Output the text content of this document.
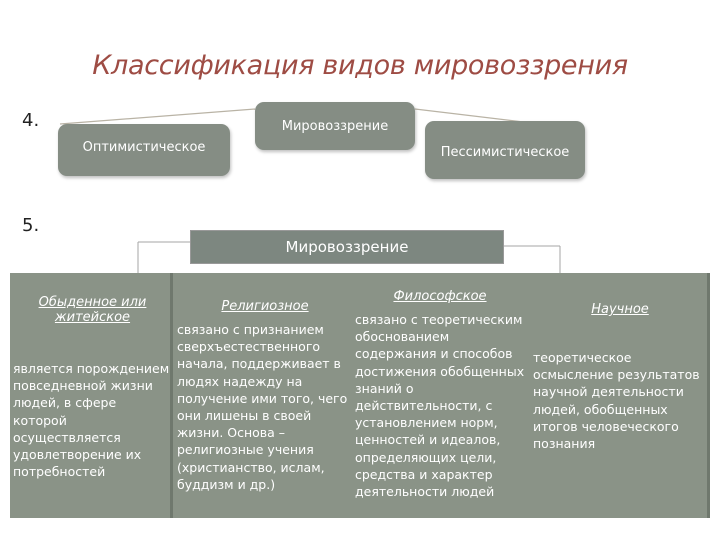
Классификация видов мировоззрения
4.	Мировоззрение
Оптимистическое	Пессимистическое
5.
Мировоззрение
Обыденное или житейское
является порождением повседневной жизни людей, в сфере которой осуществляется удовлетворение их потребностей
Религиозное
связано с признанием сверхъестественного начала, поддерживает в людях надежду на получение ими того, чего они лишены в своей жизни. Основа – религиозные учения (христианство, ислам, буддизм и др.)
Философское
связано с теоретическим обоснованием содержания и способов достижения обобщенных знаний о действительности, с установлением норм, ценностей и идеалов, определяющих цели, средства и характер деятельности людей
Научное
теоретическое осмысление результатов научной деятельности людей, обобщенных итогов человеческого познания
